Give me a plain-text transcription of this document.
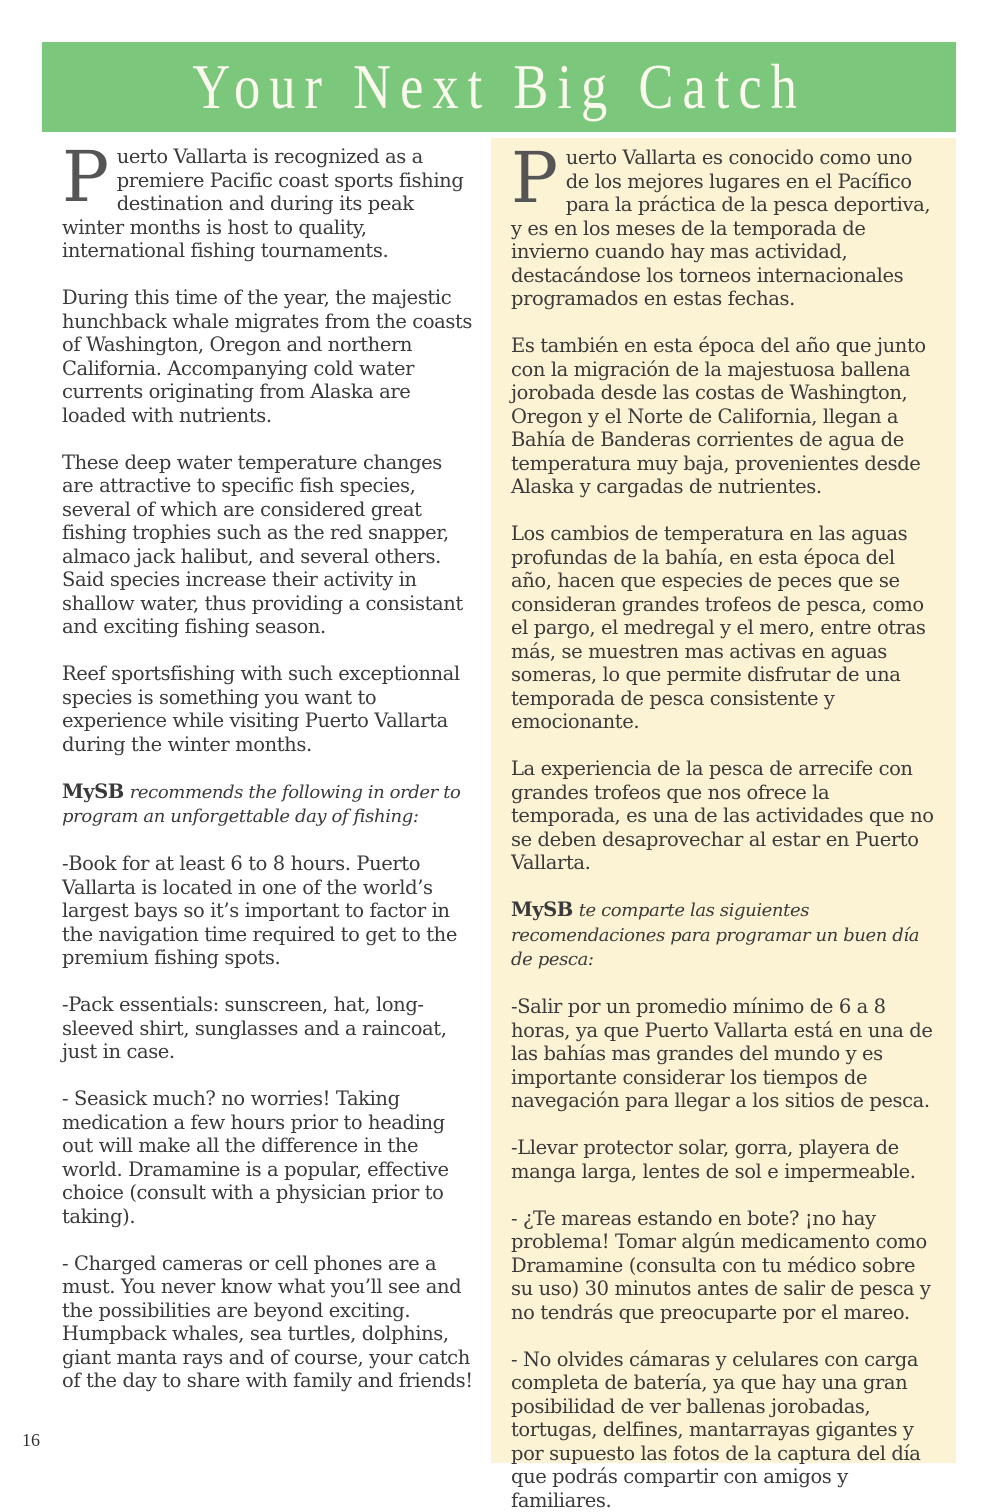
Your Next Big Catch

Puerto Vallarta is recognized as a premiere Pacific coast sports fishing destination and during its peak winter months is host to quality, international fishing tournaments.

During this time of the year, the majestic hunchback whale migrates from the coasts of Washington, Oregon and northern California. Accompanying cold water currents originating from Alaska are loaded with nutrients.

These deep water temperature changes are attractive to specific fish species, several of which are considered great fishing trophies such as the red snapper, almaco jack halibut, and several others. Said species increase their activity in shallow water, thus providing a consistant and exciting fishing season.

Reef sportsfishing with such exceptionnal species is something you want to experience while visiting Puerto Vallarta during the winter months.

MySB recommends the following in order to program an unforgettable day of fishing:

-Book for at least 6 to 8 hours. Puerto Vallarta is located in one of the world’s largest bays so it’s important to factor in the navigation time required to get to the premium fishing spots.

-Pack essentials: sunscreen, hat, long-sleeved shirt, sunglasses and a raincoat, just in case.

- Seasick much? no worries! Taking medication a few hours prior to heading out will make all the difference in the world. Dramamine is a popular, effective choice (consult with a physician prior to taking).

- Charged cameras or cell phones are a must. You never know what you’ll see and the possibilities are beyond exciting. Humpback whales, sea turtles, dolphins, giant manta rays and of course, your catch of the day to share with family and friends!

Puerto Vallarta es conocido como uno de los mejores lugares en el Pacífico para la práctica de la pesca deportiva, y es en los meses de la temporada de invierno cuando hay mas actividad, destacándose los torneos internacionales programados en estas fechas.

Es también en esta época del año que junto con la migración de la majestuosa ballena jorobada desde las costas de Washington, Oregon y el Norte de California, llegan a Bahía de Banderas corrientes de agua de temperatura muy baja, provenientes desde Alaska y cargadas de nutrientes.

Los cambios de temperatura en las aguas profundas de la bahía, en esta época del año, hacen que especies de peces que se consideran grandes trofeos de pesca, como el pargo, el medregal y el mero, entre otras más, se muestren mas activas en aguas someras, lo que permite disfrutar de una temporada de pesca consistente y emocionante.

La experiencia de la pesca de arrecife con grandes trofeos que nos ofrece la temporada, es una de las actividades que no se deben desaprovechar al estar en Puerto Vallarta.

MySB te comparte las siguientes recomendaciones para programar un buen día de pesca:

-Salir por un promedio mínimo de 6 a 8 horas, ya que Puerto Vallarta está en una de las bahías mas grandes del mundo y es importante considerar los tiempos de navegación para llegar a los sitios de pesca.

-Llevar protector solar, gorra, playera de manga larga, lentes de sol e impermeable.

- ¿Te mareas estando en bote? ¡no hay problema! Tomar algún medicamento como Dramamine (consulta con tu médico sobre su uso) 30 minutos antes de salir de pesca y no tendrás que preocuparte por el mareo.

- No olvides cámaras y celulares con carga completa de batería, ya que hay una gran posibilidad de ver ballenas jorobadas, tortugas, delfines, mantarrayas gigantes y por supuesto las fotos de la captura del día que podrás compartir con amigos y familiares.

16
